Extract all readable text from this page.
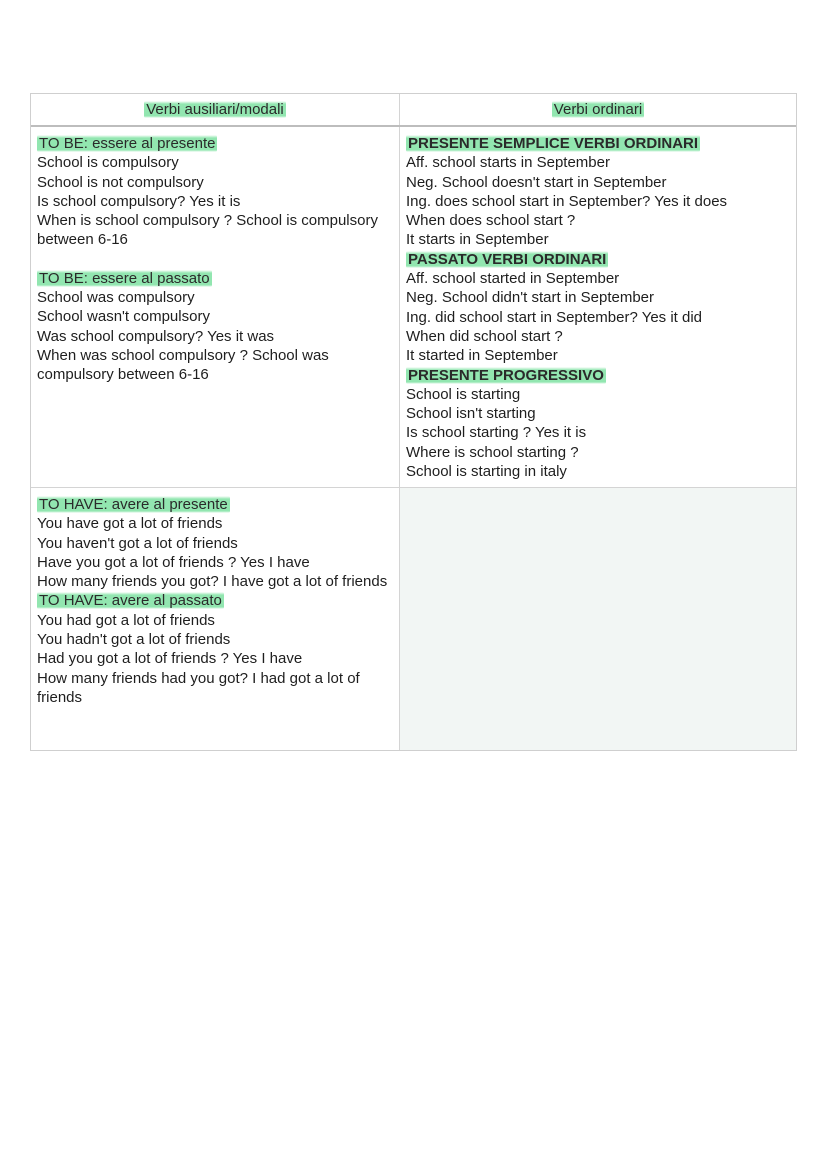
Verbi ausiliari/modali	Verbi ordinari
TO BE: essere al presente
School is compulsory
School is not compulsory
Is school compulsory? Yes it is
When is school compulsory ? School is compulsory between 6-16
TO BE: essere al passato
School was compulsory
School wasn't compulsory
Was school compulsory? Yes it was
When was school compulsory ? School was compulsory between 6-16
PRESENTE SEMPLICE VERBI ORDINARI
Aff. school starts in September
Neg. School doesn't start in September
Ing. does school start in September? Yes it does
When does school start ?
It starts in September
PASSATO VERBI ORDINARI
Aff. school started in September
Neg. School didn't start in September
Ing. did school start in September? Yes it did
When did school start ?
It started in September
PRESENTE PROGRESSIVO
School is starting
School isn't starting
Is school starting ? Yes it is
Where is school starting ?
School is starting in italy
TO HAVE: avere al presente
You have got a lot of friends
You haven't got a lot of friends
Have you got a lot of friends ? Yes I have
How many friends you got? I have got a lot of friends
TO HAVE: avere al passato
You had got a lot of friends
You hadn't got a lot of friends
Had you got a lot of friends ? Yes I have
How many friends had you got? I had got a lot of friends
